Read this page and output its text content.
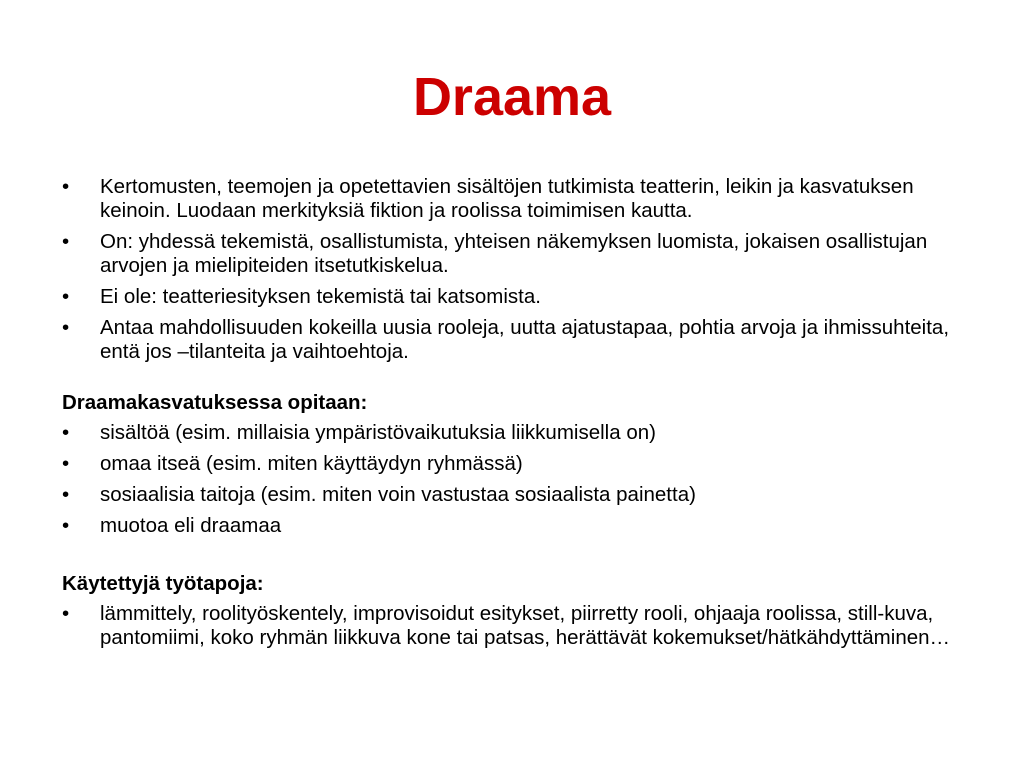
Draama
•	Kertomusten, teemojen ja opetettavien sisältöjen tutkimista teatterin, leikin ja kasvatuksen keinoin. Luodaan merkityksiä fiktion ja roolissa toimimisen kautta.
•	On: yhdessä tekemistä, osallistumista, yhteisen näkemyksen luomista, jokaisen osallistujan arvojen ja mielipiteiden itsetutkiskelua.
•	Ei ole: teatteriesityksen tekemistä tai katsomista.
•	Antaa mahdollisuuden kokeilla uusia rooleja, uutta ajatustapaa, pohtia arvoja ja ihmissuhteita, entä jos –tilanteita ja vaihtoehtoja.
Draamakasvatuksessa opitaan:
•	sisältöä (esim. millaisia ympäristövaikutuksia liikkumisella on)
•	omaa itseä (esim. miten käyttäydyn ryhmässä)
•	sosiaalisia taitoja (esim. miten voin vastustaa sosiaalista painetta)
•	muotoa eli draamaa
Käytettyjä työtapoja:
•	lämmittely, roolityöskentely, improvisoidut esitykset, piirretty rooli, ohjaaja roolissa, still-kuva, pantomiimi, koko ryhmän liikkuva kone tai patsas, herättävät kokemukset/hätkähdyttäminen…
